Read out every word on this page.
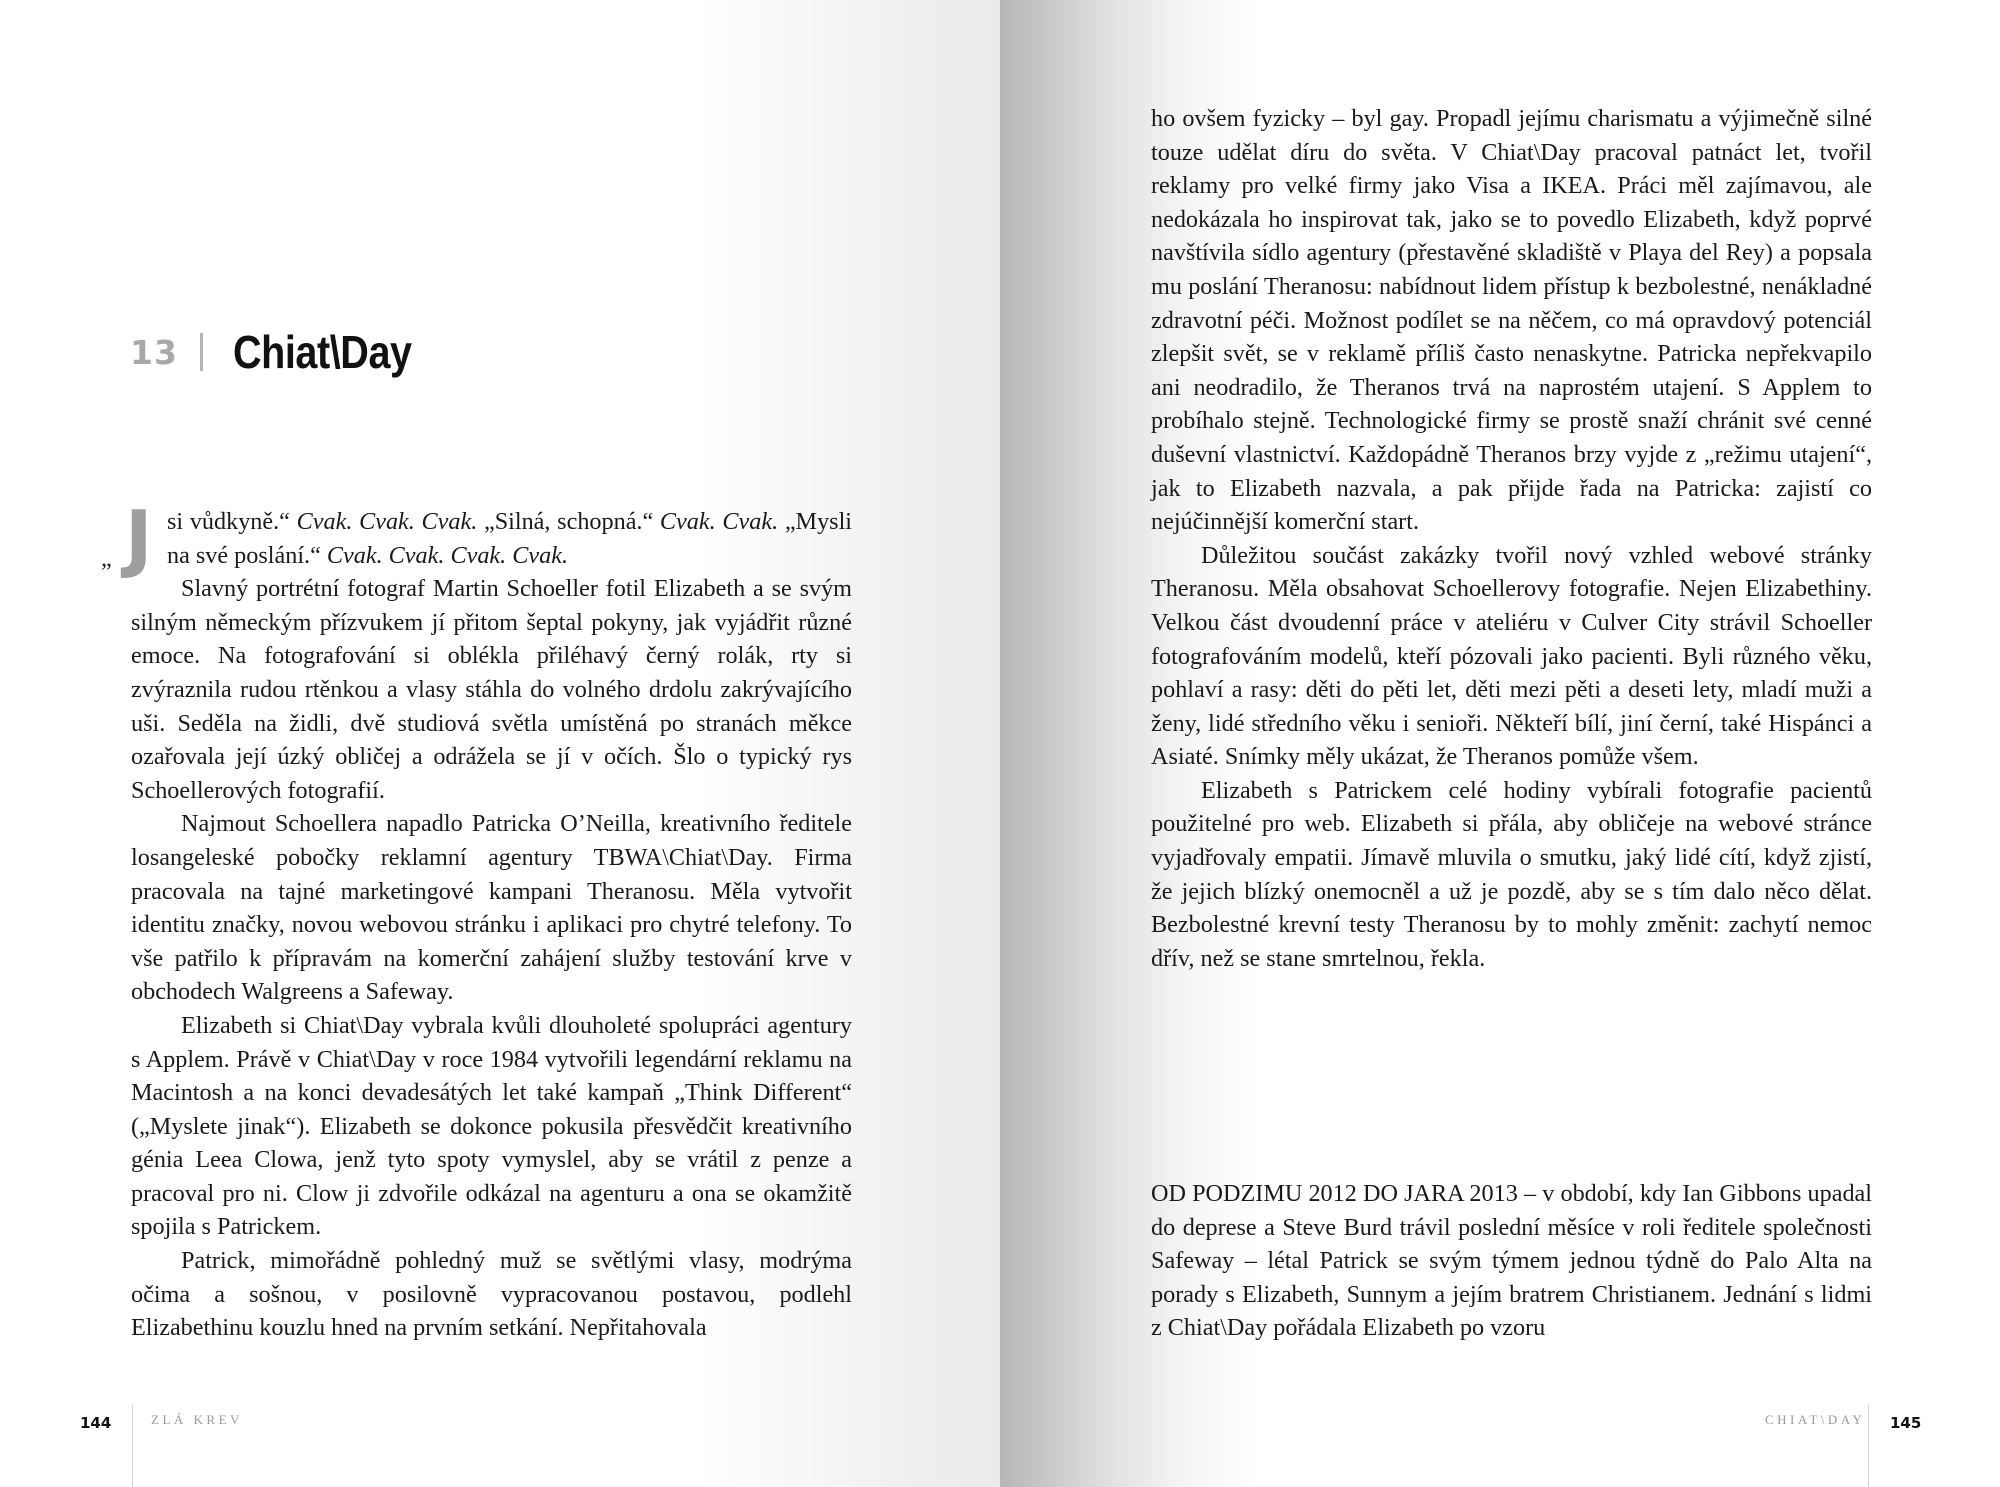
13 Chiat\Day

„ J si vůdkyně.“ Cvak. Cvak. Cvak. „Silná, schopná.“ Cvak. Cvak. „Mysli na své poslání.“ Cvak. Cvak. Cvak. Cvak.

Slavný portrétní fotograf Martin Schoeller fotil Elizabeth a se svým silným německým přízvukem jí přitom šeptal pokyny, jak vyjádřit různé emoce. Na fotografování si oblékla přiléhavý černý rolák, rty si zvýraznila rudou rtěnkou a vlasy stáhla do volného drdolu zakrývajícího uši. Seděla na židli, dvě studiová světla umístěná po stranách měkce ozařovala její úzký obličej a odrážela se jí v očích. Šlo o typický rys Schoellerových fotografií.

Najmout Schoellera napadlo Patricka O’Neilla, kreativního ředitele losangeleské pobočky reklamní agentury TBWA\Chiat\Day. Firma pracovala na tajné marketingové kampani Theranosu. Měla vytvořit identitu značky, novou webovou stránku i aplikaci pro chytré telefony. To vše patřilo k přípravám na komerční zahájení služby testování krve v obchodech Walgreens a Safeway.

Elizabeth si Chiat\Day vybrala kvůli dlouholeté spolupráci agentury s Applem. Právě v Chiat\Day v roce 1984 vytvořili legendární reklamu na Macintosh a na konci devadesátých let také kampaň „Think Different“ („Myslete jinak“). Elizabeth se dokonce pokusila přesvědčit kreativního génia Leea Clowa, jenž tyto spoty vymyslel, aby se vrátil z penze a pracoval pro ni. Clow ji zdvořile odkázal na agenturu a ona se okamžitě spojila s Patrickem.

Patrick, mimořádně pohledný muž se světlými vlasy, modrýma očima a sošnou, v posilovně vypracovanou postavou, podlehl Elizabethinu kouzlu hned na prvním setkání. Nepřitahovala

144	ZLÁ KREV

ho ovšem fyzicky – byl gay. Propadl jejímu charismatu a výjimečně silné touze udělat díru do světa. V Chiat\Day pracoval patnáct let, tvořil reklamy pro velké firmy jako Visa a IKEA. Práci měl zajímavou, ale nedokázala ho inspirovat tak, jako se to povedlo Elizabeth, když poprvé navštívila sídlo agentury (přestavěné skladiště v Playa del Rey) a popsala mu poslání Theranosu: nabídnout lidem přístup k bezbolestné, nenákladné zdravotní péči. Možnost podílet se na něčem, co má opravdový potenciál zlepšit svět, se v reklamě příliš často nenaskytne. Patricka nepřekvapilo ani neodradilo, že Theranos trvá na naprostém utajení. S Applem to probíhalo stejně. Technologické firmy se prostě snaží chránit své cenné duševní vlastnictví. Každopádně Theranos brzy vyjde z „režimu utajení“, jak to Elizabeth nazvala, a pak přijde řada na Patricka: zajistí co nejúčinnější komerční start.

Důležitou součást zakázky tvořil nový vzhled webové stránky Theranosu. Měla obsahovat Schoellerovy fotografie. Nejen Elizabethiny. Velkou část dvoudenní práce v ateliéru v Culver City strávil Schoeller fotografováním modelů, kteří pózovali jako pacienti. Byli různého věku, pohlaví a rasy: děti do pěti let, děti mezi pěti a deseti lety, mladí muži a ženy, lidé středního věku i senioři. Někteří bílí, jiní černí, také Hispánci a Asiaté. Snímky měly ukázat, že Theranos pomůže všem.

Elizabeth s Patrickem celé hodiny vybírali fotografie pacientů použitelné pro web. Elizabeth si přála, aby obličeje na webové stránce vyjadřovaly empatii. Jímavě mluvila o smutku, jaký lidé cítí, když zjistí, že jejich blízký onemocněl a už je pozdě, aby se s tím dalo něco dělat. Bezbolestné krevní testy Theranosu by to mohly změnit: zachytí nemoc dřív, než se stane smrtelnou, řekla.

OD PODZIMU 2012 DO JARA 2013 – v období, kdy Ian Gibbons upadal do deprese a Steve Burd trávil poslední měsíce v roli ředitele společnosti Safeway – létal Patrick se svým týmem jednou týdně do Palo Alta na porady s Elizabeth, Sunnym a jejím bratrem Christianem. Jednání s lidmi z Chiat\Day pořádala Elizabeth po vzoru

CHIAT\DAY 145
